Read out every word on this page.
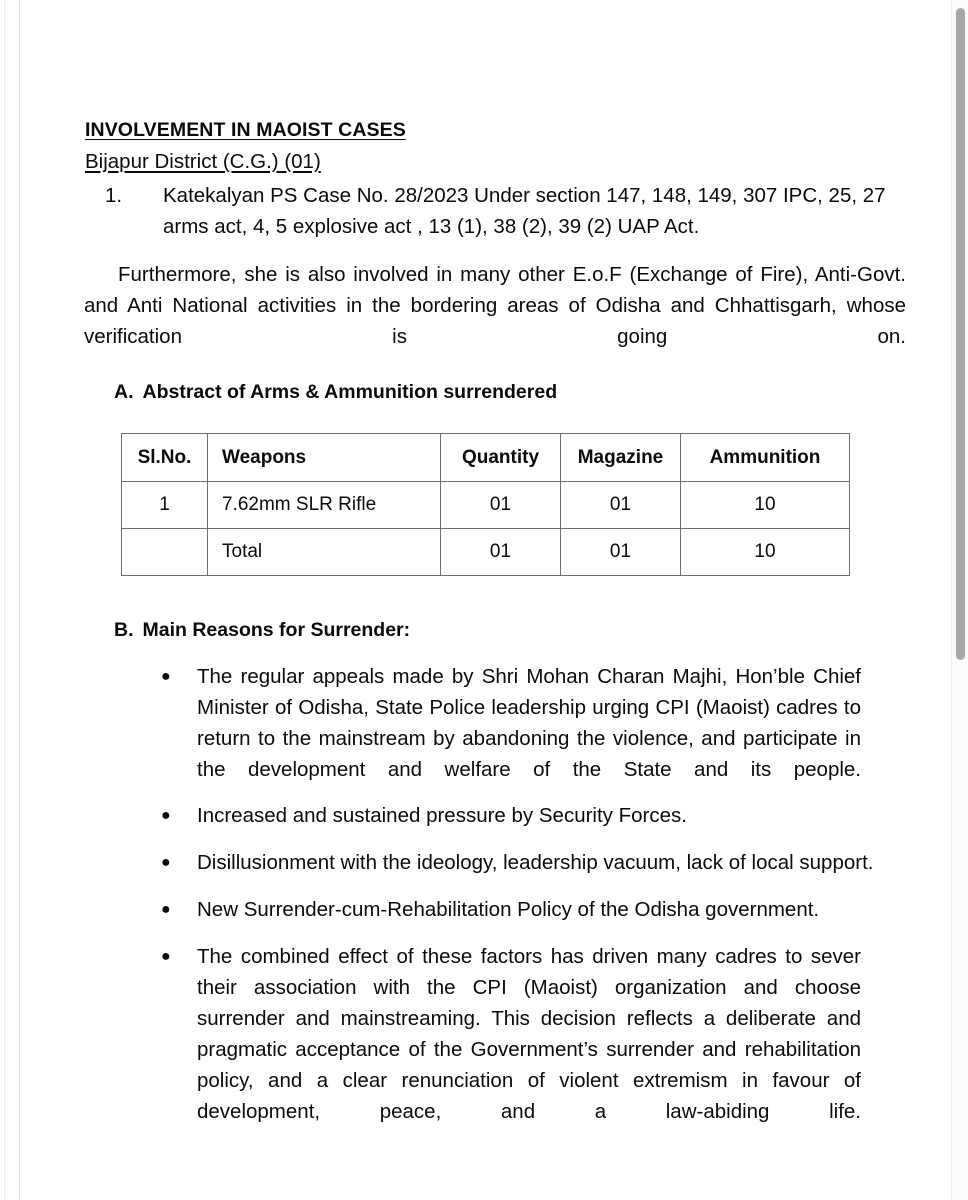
INVOLVEMENT IN MAOIST CASES
Bijapur District (C.G.) (01)
1.	Katekalyan PS Case No. 28/2023 Under section 147, 148, 149, 307 IPC, 25, 27 arms act, 4, 5 explosive act , 13 (1), 38 (2), 39 (2) UAP Act.
Furthermore, she is also involved in many other E.o.F (Exchange of Fire), Anti-Govt. and Anti National activities in the bordering areas of Odisha and Chhattisgarh, whose verification is going on.
A. Abstract of Arms & Ammunition surrendered
Sl.No.	Weapons	Quantity	Magazine	Ammunition
1	7.62mm SLR Rifle	01	01	10
	Total	01	01	10
B. Main Reasons for Surrender:
●	The regular appeals made by Shri Mohan Charan Majhi, Hon’ble Chief Minister of Odisha, State Police leadership urging CPI (Maoist) cadres to return to the mainstream by abandoning the violence, and participate in the development and welfare of the State and its people.
●	Increased and sustained pressure by Security Forces.
●	Disillusionment with the ideology, leadership vacuum, lack of local support.
●	New Surrender-cum-Rehabilitation Policy of the Odisha government.
●	The combined effect of these factors has driven many cadres to sever their association with the CPI (Maoist) organization and choose surrender and mainstreaming. This decision reflects a deliberate and pragmatic acceptance of the Government’s surrender and rehabilitation policy, and a clear renunciation of violent extremism in favour of development, peace, and a law-abiding life.
